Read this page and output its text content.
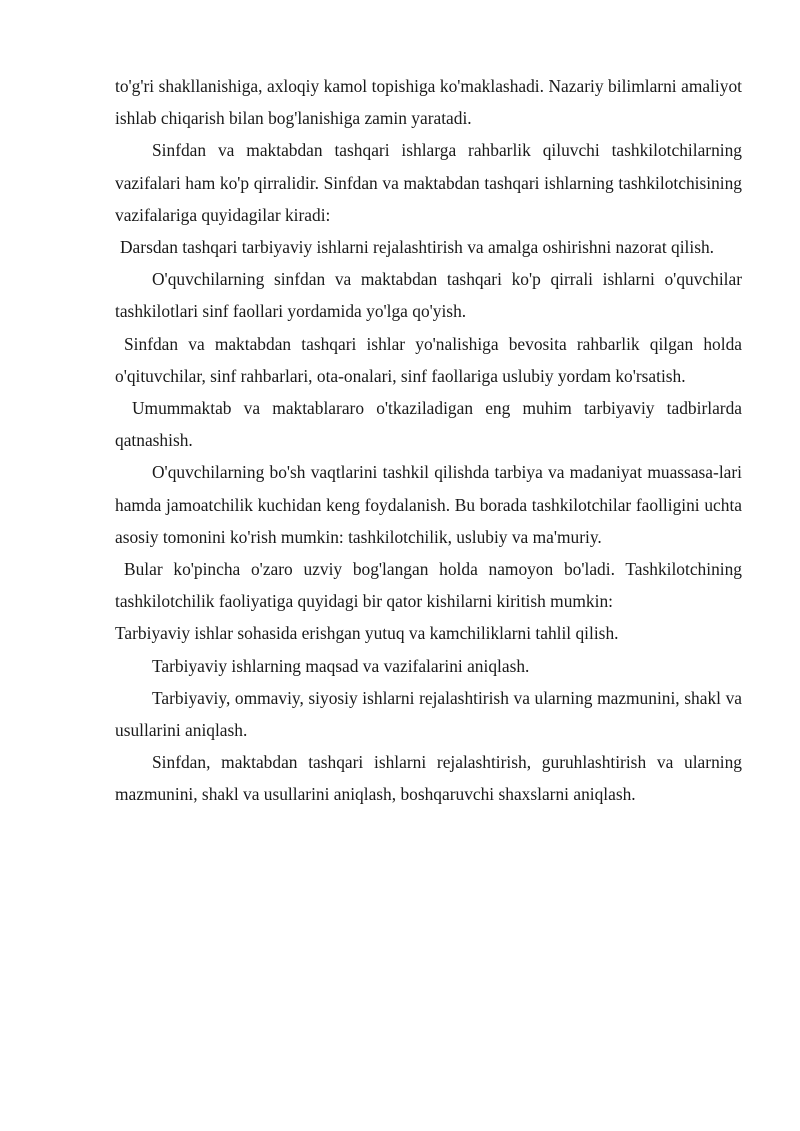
to'g'ri shakllanishiga, axloqiy kamol topishiga ko'maklashadi. Nazariy bilimlarni amaliyot ishlab chiqarish bilan bog'lanishiga zamin yaratadi.

Sinfdan va maktabdan tashqari ishlarga rahbarlik qiluvchi tashkilotchilarning vazifalari ham ko'p qirralidir. Sinfdan va maktabdan tashqari ishlarning tashkilotchisining vazifalariga quyidagilar kiradi:

Darsdan tashqari tarbiyaviy ishlarni rejalashtirish va amalga oshirishni nazorat qilish.

O'quvchilarning sinfdan va maktabdan tashqari ko'p qirrali ishlarni o'quvchilar tashkilotlari sinf faollari yordamida yo'lga qo'yish.

Sinfdan va maktabdan tashqari ishlar yo'nalishiga bevosita rahbarlik qilgan holda o'qituvchilar, sinf rahbarlari, ota-onalari, sinf faollariga uslubiy yordam ko'rsatish.

Umummaktab va maktablararo o'tkaziladigan eng muhim tarbiyaviy tadbirlarda qatnashish.

O'quvchilarning bo'sh vaqtlarini tashkil qilishda tarbiya va madaniyat muassasa-lari hamda jamoatchilik kuchidan keng foydalanish. Bu borada tashkilotchilar faolligini uchta asosiy tomonini ko'rish mumkin: tashkilotchilik, uslubiy va ma'muriy.

Bular ko'pincha o'zaro uzviy bog'langan holda namoyon bo'ladi. Tashkilotchining tashkilotchilik faoliyatiga quyidagi bir qator kishilarni kiritish mumkin:

Tarbiyaviy ishlar sohasida erishgan yutuq va kamchiliklarni tahlil qilish.

Tarbiyaviy ishlarning maqsad va vazifalarini aniqlash.

Tarbiyaviy, ommaviy, siyosiy ishlarni rejalashtirish va ularning mazmunini, shakl va usullarini aniqlash.

Sinfdan, maktabdan tashqari ishlarni rejalashtirish, guruhlashtirish va ularning mazmunini, shakl va usullarini aniqlash, boshqaruvchi shaxslarni aniqlash.
